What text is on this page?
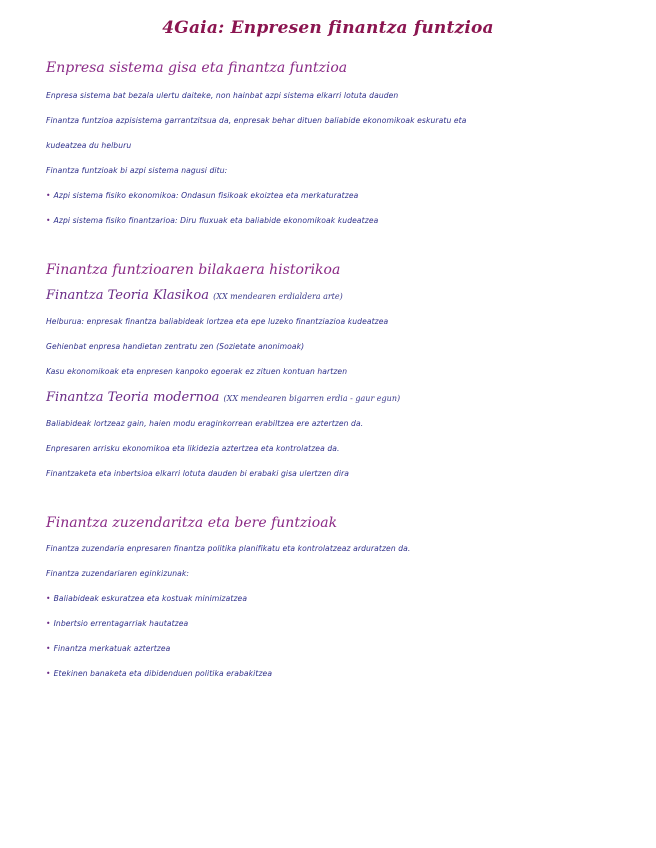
4Gaia: Enpresen finantza funtzioa
Enpresa sistema gisa eta finantza funtzioa
Enpresa sistema bat bezala ulertu daiteke, non hainbat azpi sistema elkarri lotuta dauden
Finantza funtzioa azpisistema garrantzitsua da, enpresak behar dituen baliabide ekonomikoak eskuratu eta
kudeatzea du helburu
Finantza funtzioak bi azpi sistema nagusi ditu:
• Azpi sistema fisiko ekonomikoa: Ondasun fisikoak ekoiztea eta merkaturatzea
• Azpi sistema fisiko finantzarioa: Diru fluxuak eta baliabide ekonomikoak kudeatzea
Finantza funtzioaren bilakaera historikoa
Finantza Teoria Klasikoa (XX mendearen erdialdera arte)
Helburua: enpresak finantza baliabideak lortzea eta epe luzeko finantziazioa kudeatzea
Gehienbat enpresa handietan zentratu zen (Sozietate anonimoak)
Kasu ekonomikoak eta enpresen kanpoko egoerak ez zituen kontuan hartzen
Finantza Teoria modernoa (XX mendearen bigarren erdia - gaur egun)
Baliabideak lortzeaz gain, haien modu eraginkorrean erabiltzea ere aztertzen da.
Enpresaren arrisku ekonomikoa eta likidezia aztertzea eta kontrolatzea da.
Finantzaketa eta inbertsioa elkarri lotuta dauden bi erabaki gisa ulertzen dira
Finantza zuzendaritza eta bere funtzioak
Finantza zuzendaria enpresaren finantza politika planifikatu eta kontrolatzeaz arduratzen da.
Finantza zuzendariaren eginkizunak:
• Baliabideak eskuratzea eta kostuak minimizatzea
• Inbertsio errentagarriak hautatzea
• Finantza merkatuak aztertzea
• Etekinen banaketa eta dibidenduen politika erabakitzea
